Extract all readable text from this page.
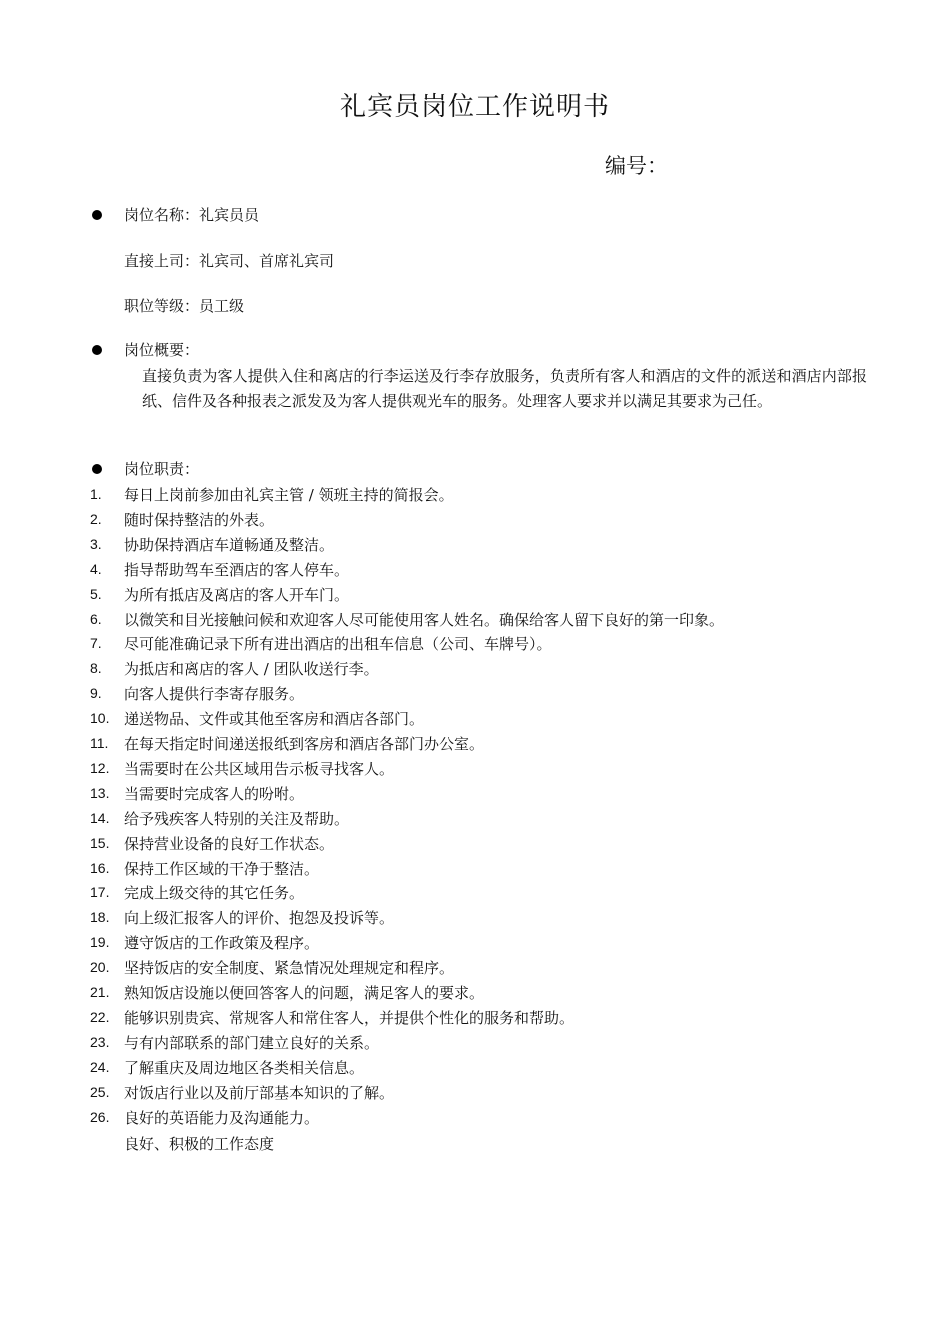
礼宾员岗位工作说明书
编号：
岗位名称：礼宾员员
直接上司：礼宾司、首席礼宾司
职位等级：员工级
岗位概要：
直接负责为客人提供入住和离店的行李运送及行李存放服务，负责所有客人和酒店的文件的派送和酒店内部报纸、信件及各种报表之派发及为客人提供观光车的服务。处理客人要求并以满足其要求为己任。
岗位职责：
1.	每日上岗前参加由礼宾主管 / 领班主持的简报会。
2.	随时保持整洁的外表。
3.	协助保持酒店车道畅通及整洁。
4.	指导帮助驾车至酒店的客人停车。
5.	为所有抵店及离店的客人开车门。
6.	以微笑和目光接触问候和欢迎客人尽可能使用客人姓名。确保给客人留下良好的第一印象。
7.	尽可能准确记录下所有进出酒店的出租车信息（公司、车牌号）。
8.	为抵店和离店的客人 / 团队收送行李。
9.	向客人提供行李寄存服务。
10. 递送物品、文件或其他至客房和酒店各部门。
11.	在每天指定时间递送报纸到客房和酒店各部门办公室。
12. 当需要时在公共区域用告示板寻找客人。
13. 当需要时完成客人的吩咐。
14. 给予残疾客人特别的关注及帮助。
15. 保持营业设备的良好工作状态。
16. 保持工作区域的干净于整洁。
17. 完成上级交待的其它任务。
18. 向上级汇报客人的评价、抱怨及投诉等。
19. 遵守饭店的工作政策及程序。
20. 坚持饭店的安全制度、紧急情况处理规定和程序。
21. 熟知饭店设施以便回答客人的问题，满足客人的要求。
22. 能够识别贵宾、常规客人和常住客人，并提供个性化的服务和帮助。
23. 与有内部联系的部门建立良好的关系。
24. 了解重庆及周边地区各类相关信息。
25. 对饭店行业以及前厅部基本知识的了解。
26. 良好的英语能力及沟通能力。
良好、积极的工作态度
